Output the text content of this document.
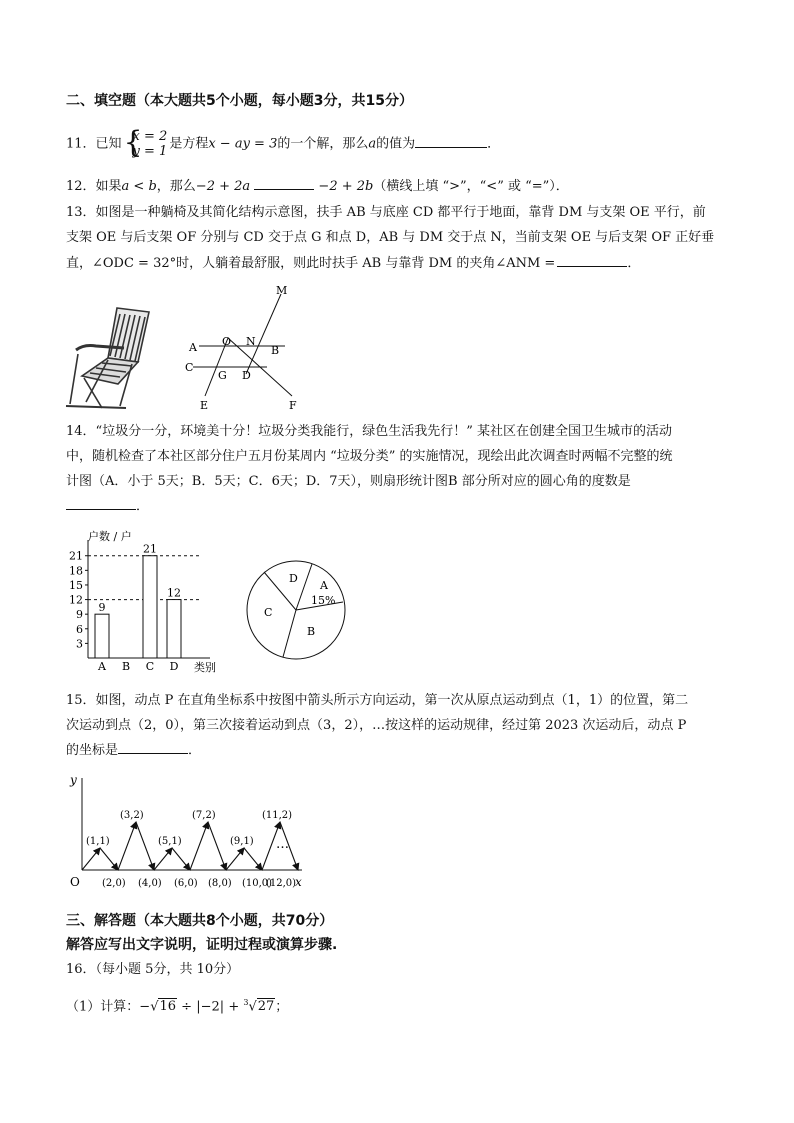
二、填空题（本大题共5个小题，每小题3分，共15分）
11．已知 {
x = 2
y = 1 是方程x − ay = 3的一个解，那么a的值为	．
12．如果a < b，那么−2 + 2a	−2 + 2b（横线上填 “>”，“<” 或 “=”）．
13．如图是一种躺椅及其简化结构示意图，扶手 AB 与底座 CD 都平行于地面，靠背 DM 与支架 OE 平行，前
支架 OE 与后支架 OF 分别与 CD 交于点 G 和点 D，AB 与 DM 交于点 N，当前支架 OE 与后支架 OF 正好垂
直，∠ODC = 32°时，人躺着最舒服，则此时扶手 AB 与靠背 DM 的夹角∠ANM =	．
M
A O N
B
C
G D
E	F
14．“垃圾分一分，环境美十分！垃圾分类我能行，绿色生活我先行！” 某社区在创建全国卫生城市的活动
中，随机检查了本社区部分住户五月份某周内 “垃圾分类” 的实施情况，现绘出此次调查时两幅不完整的统
计图（A．小于 5天；B．5天；C．6天；D．7天），则扇形统计图B 部分所对应的圆心角的度数是
．
户数 / 户
类别
3
6
9
12
15
18
21
9
A B
21
C
12
D
D
A
15%
C
B
15．如图，动点 P 在直角坐标系中按图中箭头所示方向运动，第一次从原点运动到点（1，1）的位置，第二
次运动到点（2，0），第三次接着运动到点（3，2），…按这样的运动规律，经过第 2023 次运动后，动点 P
的坐标是	．
y
x
O
(1,1)
(3,2)
(5,1)
(7,2)
(9,1)
(11,2)
(2,0) (4,0) (6,0) (8,0) (10,0)
(12,0)
…
三、解答题（本大题共8个小题，共70分）
解答应写出文字说明，证明过程或演算步骤.
16．（每小题 5分，共 10分）
（1）计算：−√16 ÷ |−2| + $^3$√27；
